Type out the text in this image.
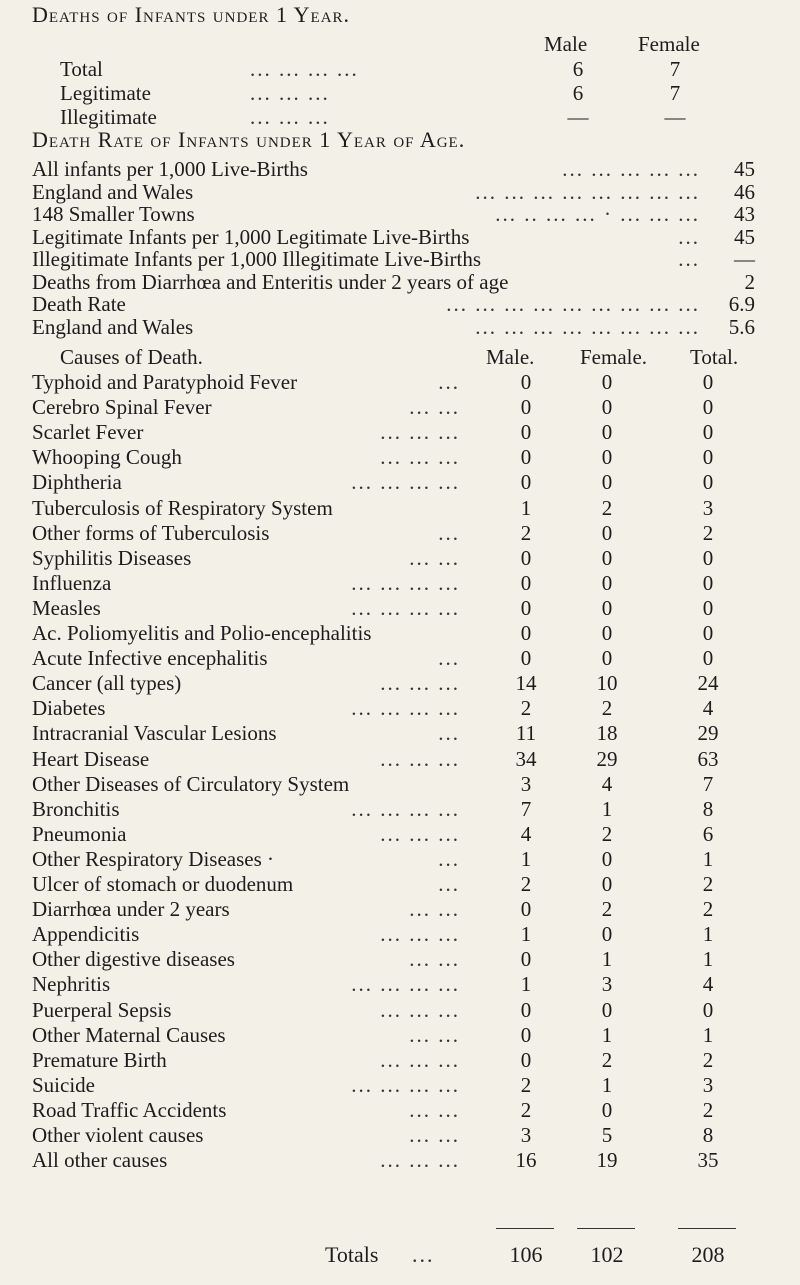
Deaths of Infants under 1 Year.
Male Female
Total	... ... ... ...	6	7
Legitimate	... ... ...	6	7
Illegitimate	... ... ...	—	—
Death Rate of Infants under 1 Year of Age.
All infants per 1,000 Live-Births	... ... ... ... ... 45
England and Wales	... ... ... ... ... ... ... ... 46
148 Smaller Towns	... .. ... ... · ... ... ... 43
Legitimate Infants per 1,000 Legitimate Live-Births	... 45
Illegitimate Infants per 1,000 Illegitimate Live-Births	... —
Deaths from Diarrhœa and Enteritis under 2 years of age	2
Death Rate	... ... ... ... ... ... ... ... ... 6.9
England and Wales	... ... ... ... ... ... ... ... 5.6
Causes of Death.	Male. Female. Total.
Typhoid and Paratyphoid Fever	...	0	0	0
Cerebro Spinal Fever	... ...	0	0	0
Scarlet Fever	... ... ...	0	0	0
Whooping Cough	... ... ...	0	0	0
Diphtheria	... ... ... ...	0	0	0
Tuberculosis of Respiratory System	1	2	3
Other forms of Tuberculosis	...	2	0	2
Syphilitis Diseases	... ...	0	0	0
Influenza	... ... ... ...	0	0	0
Measles	... ... ... ...	0	0	0
Ac. Poliomyelitis and Polio-encephalitis	0	0	0
Acute Infective encephalitis	...	0	0	0
Cancer (all types)	... ... ...	14	10	24
Diabetes	... ... ... ...	2	2	4
Intracranial Vascular Lesions	...	11	18	29
Heart Disease	... ... ...	34	29	63
Other Diseases of Circulatory System	3	4	7
Bronchitis	... ... ... ...	7	1	8
Pneumonia	... ... ...	4	2	6
Other Respiratory Diseases ·	...	1	0	1
Ulcer of stomach or duodenum	...	2	0	2
Diarrhœa under 2 years	... ...	0	2	2
Appendicitis	... ... ...	1	0	1
Other digestive diseases	... ...	0	1	1
Nephritis	... ... ... ...	1	3	4
Puerperal Sepsis	... ... ...	0	0	0
Other Maternal Causes	... ...	0	1	1
Premature Birth	... ... ...	0	2	2
Suicide	... ... ... ...	2	1	3
Road Traffic Accidents	... ...	2	0	2
Other violent causes	... ...	3	5	8
All other causes	... ... ...	16	19	35
Totals ...	106	102	208
